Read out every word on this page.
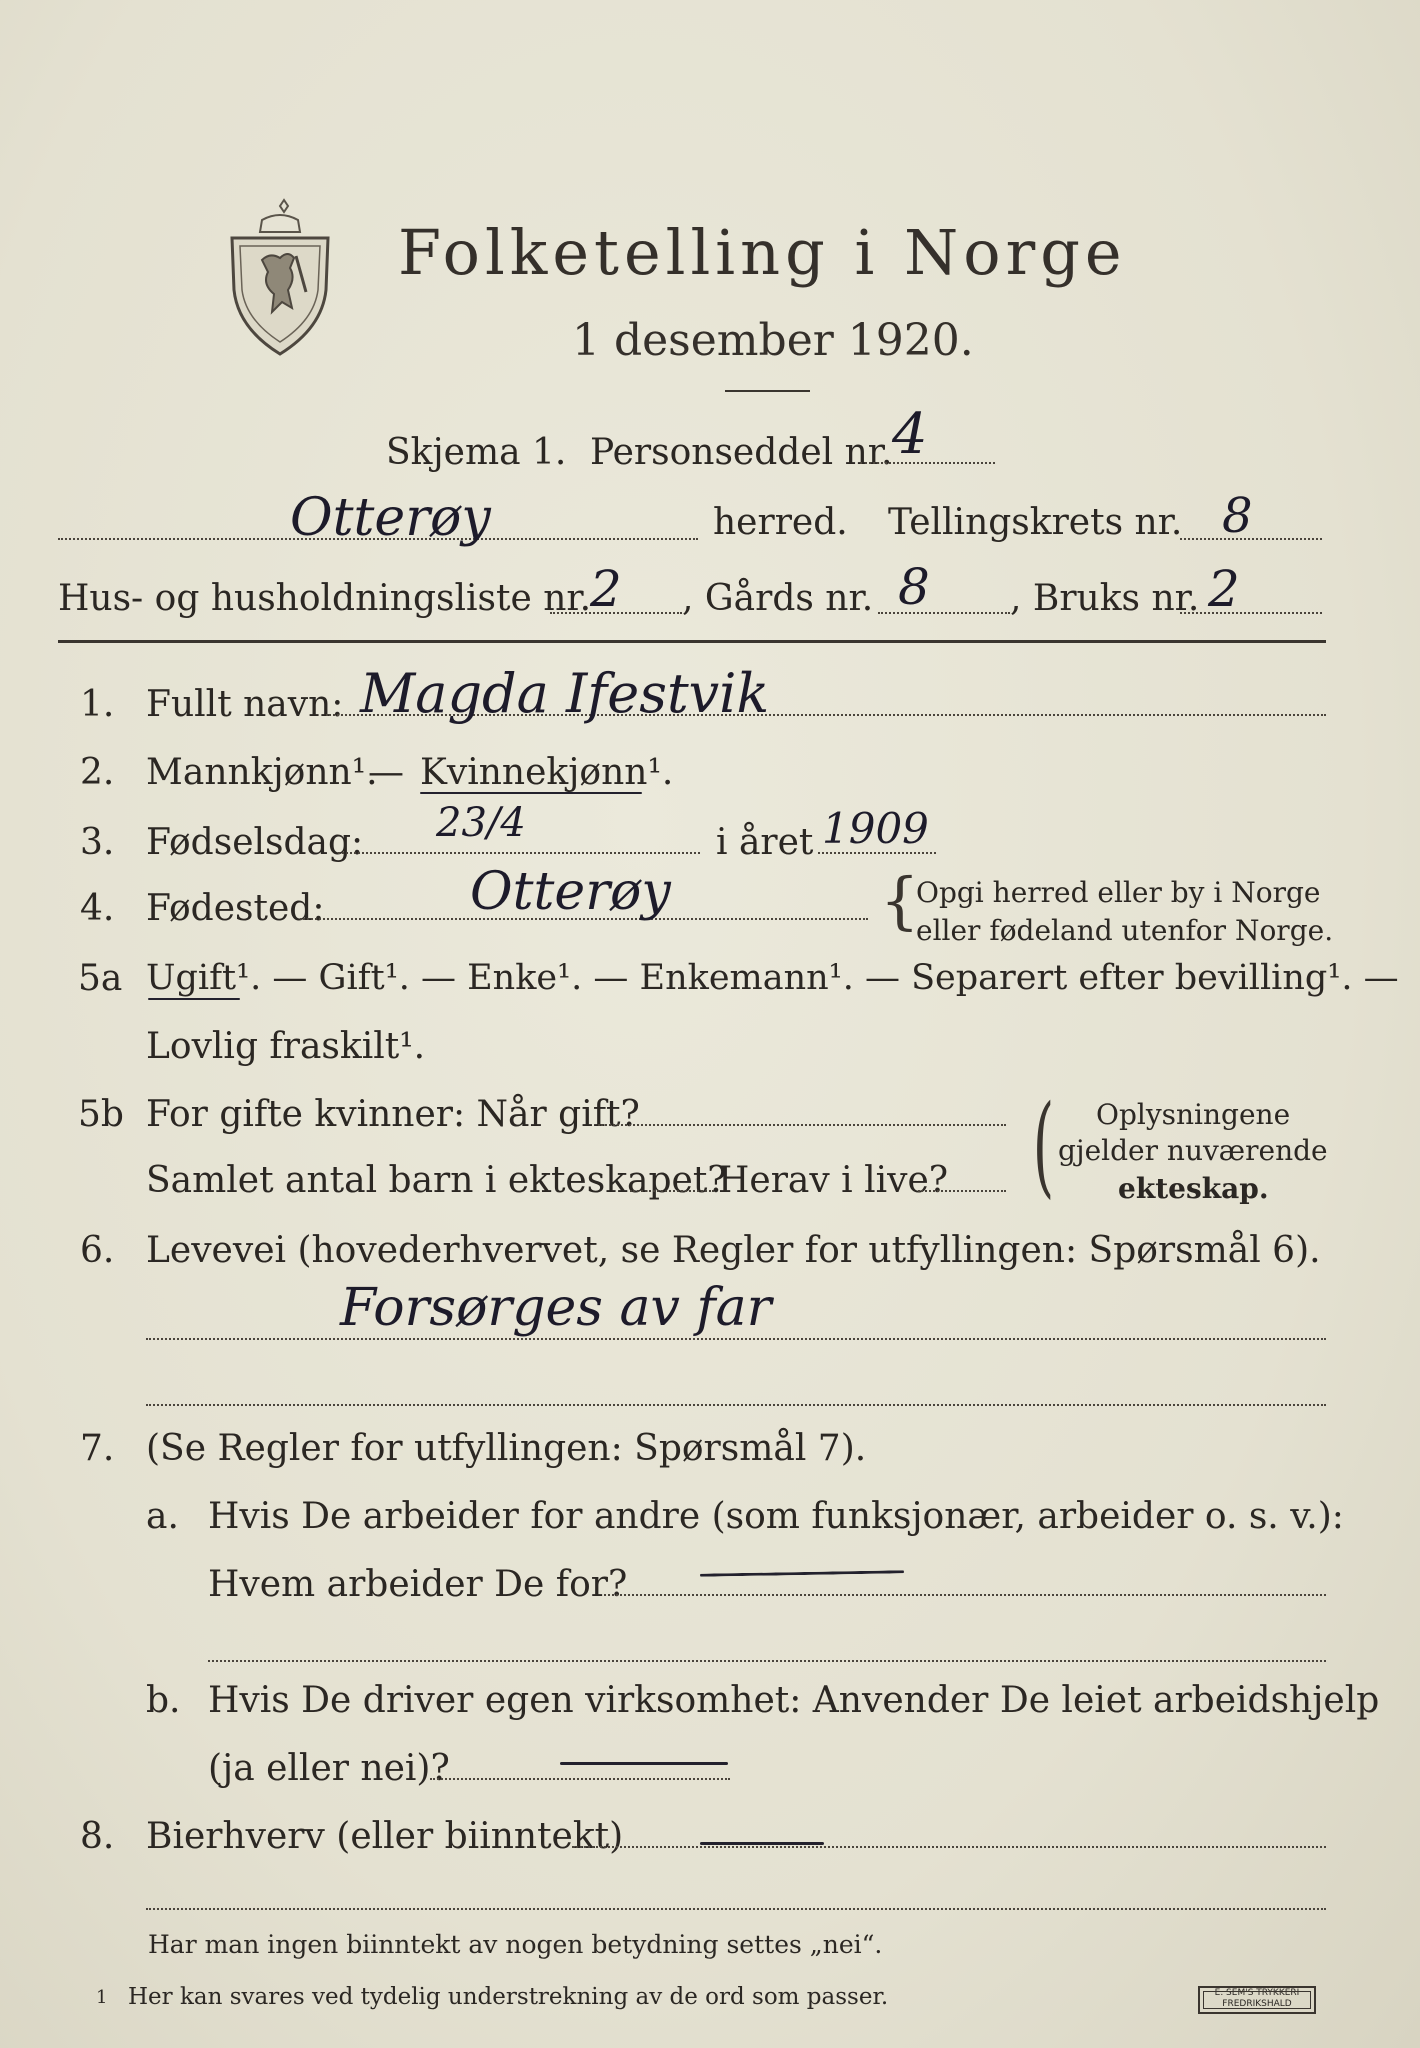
Folketelling i Norge
1 desember 1920.
Skjema 1. Personseddel nr. 4
Otterøy	herred. Tellingskrets nr. 8
Hus- og husholdningsliste nr.
2 , Gårds nr. 8 , Bruks nr. 2
1. Fullt navn: Magda Ifestvik
2. Mannkjønn¹.
— Kvinnekjønn¹.
3. Fødselsdag: 23/4	i året 1909
4. Fødested:	Otterøy	{
Opgi herred eller by i Norge
eller fødeland utenfor Norge.
5a Ugift¹. — Gift¹. — Enke¹. — Enkemann¹. — Separert efter bevilling¹. —
Lovlig fraskilt¹.
5b For gifte kvinner: Når gift?
Samlet antal barn i ekteskapet?
Herav i live? ( Oplysningene
gjelder nuværende
ekteskap.
6. Levevei (hovederhvervet, se Regler for utfyllingen: Spørsmål 6).
Forsørges av far
7. (Se Regler for utfyllingen: Spørsmål 7).
a. Hvis De arbeider for andre (som funksjonær, arbeider o. s. v.):
Hvem arbeider De for?
b. Hvis De driver egen virksomhet: Anvender De leiet arbeidshjelp
(ja eller nei)?
8. Bierhverv (eller biinntekt)
Har man ingen biinntekt av nogen betydning settes „nei“.
1 Her kan svares ved tydelig understrekning av de ord som passer.	E. SEM'S TRYKKERI FREDRIKSHALD
